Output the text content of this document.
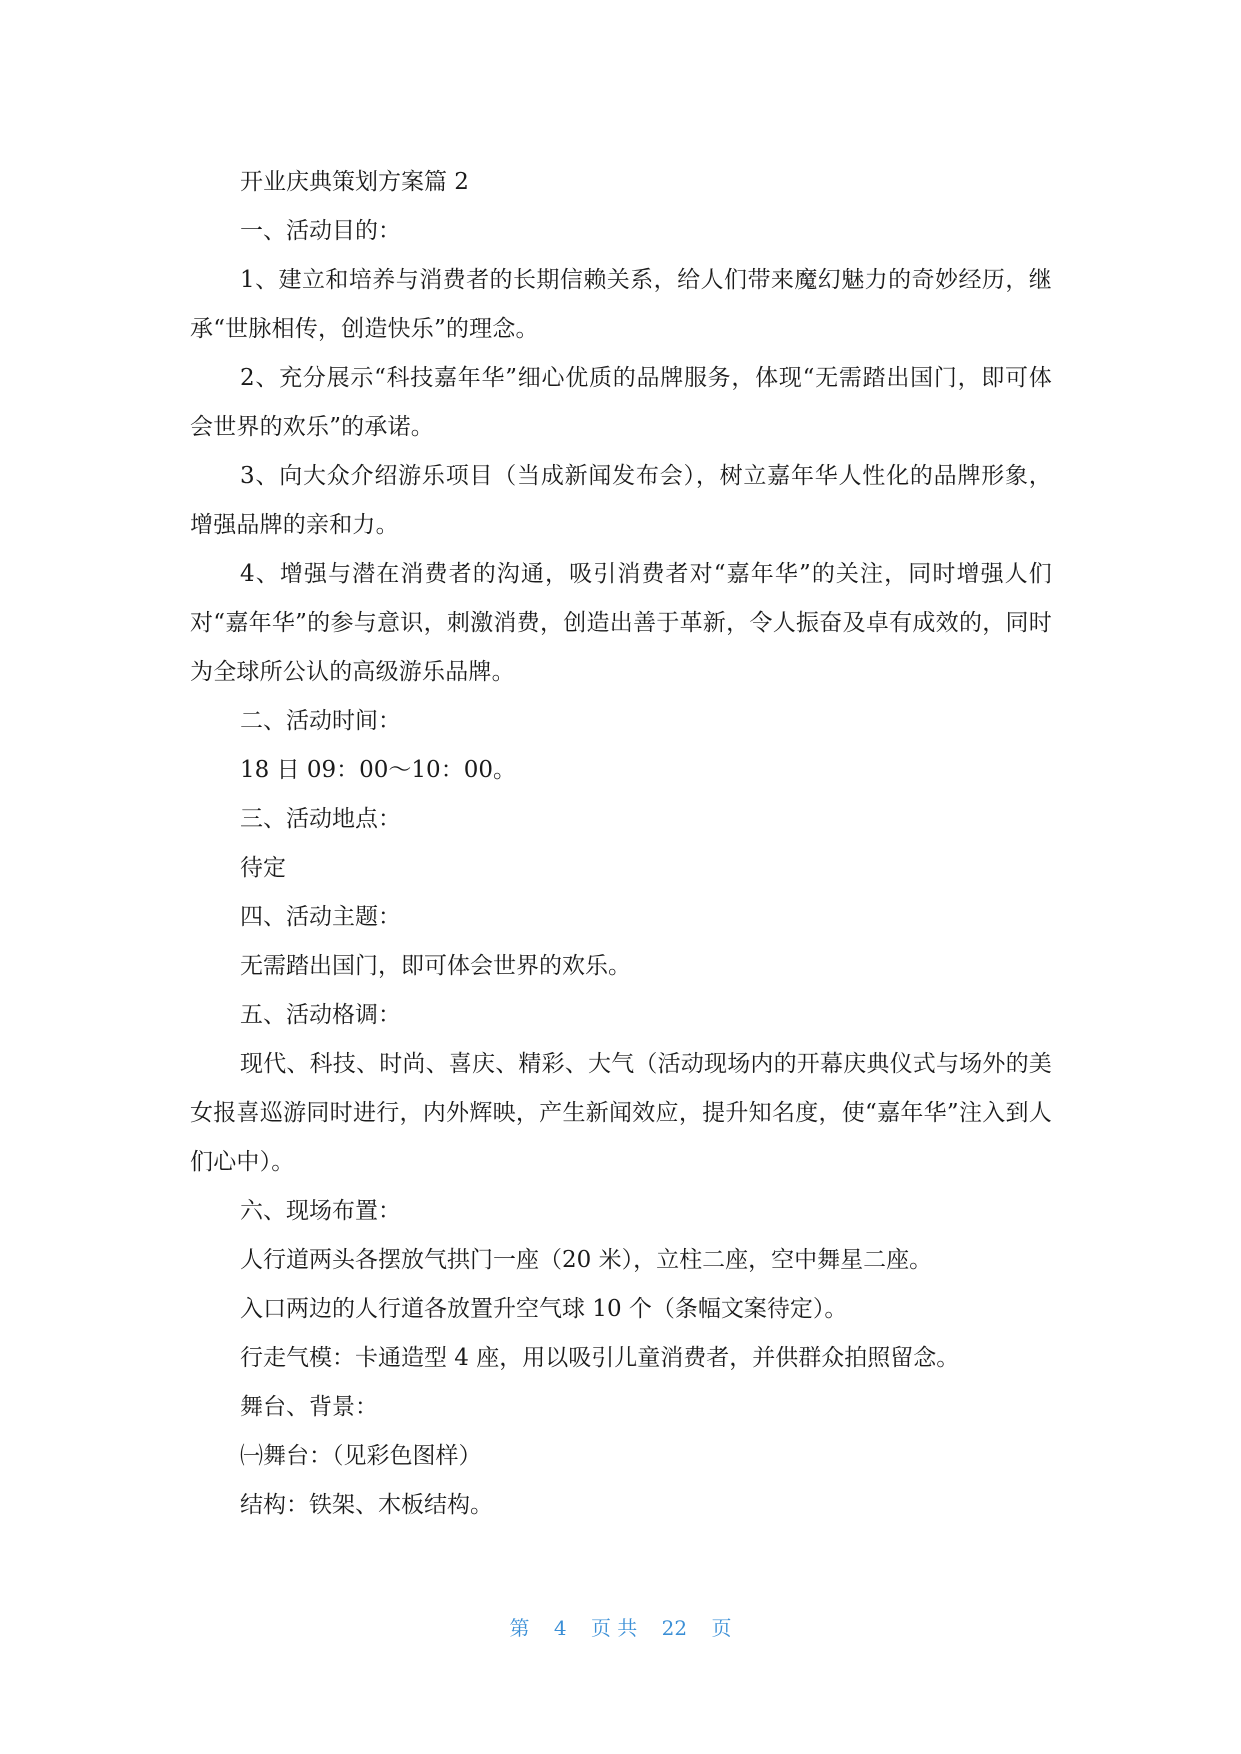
开业庆典策划方案篇 2
一、活动目的：
1、建立和培养与消费者的长期信赖关系，给人们带来魔幻魅力的奇妙经历，继承“世脉相传，创造快乐”的理念。
2、充分展示“科技嘉年华”细心优质的品牌服务，体现“无需踏出国门，即可体会世界的欢乐”的承诺。
3、向大众介绍游乐项目（当成新闻发布会），树立嘉年华人性化的品牌形象，增强品牌的亲和力。
4、增强与潜在消费者的沟通，吸引消费者对“嘉年华”的关注，同时增强人们对“嘉年华”的参与意识，刺激消费，创造出善于革新，令人振奋及卓有成效的，同时为全球所公认的高级游乐品牌。
二、活动时间：
18 日 09：00～10：00。
三、活动地点：
待定
四、活动主题：
无需踏出国门，即可体会世界的欢乐。
五、活动格调：
现代、科技、时尚、喜庆、精彩、大气（活动现场内的开幕庆典仪式与场外的美女报喜巡游同时进行，内外辉映，产生新闻效应，提升知名度，使“嘉年华”注入到人们心中）。
六、现场布置：
人行道两头各摆放气拱门一座（20 米），立柱二座，空中舞星二座。
入口两边的人行道各放置升空气球 10 个（条幅文案待定）。
行走气模：卡通造型 4 座，用以吸引儿童消费者，并供群众拍照留念。
舞台、背景：
㈠舞台：（见彩色图样）
结构：铁架、木板结构。
第 4 页 共 22 页
